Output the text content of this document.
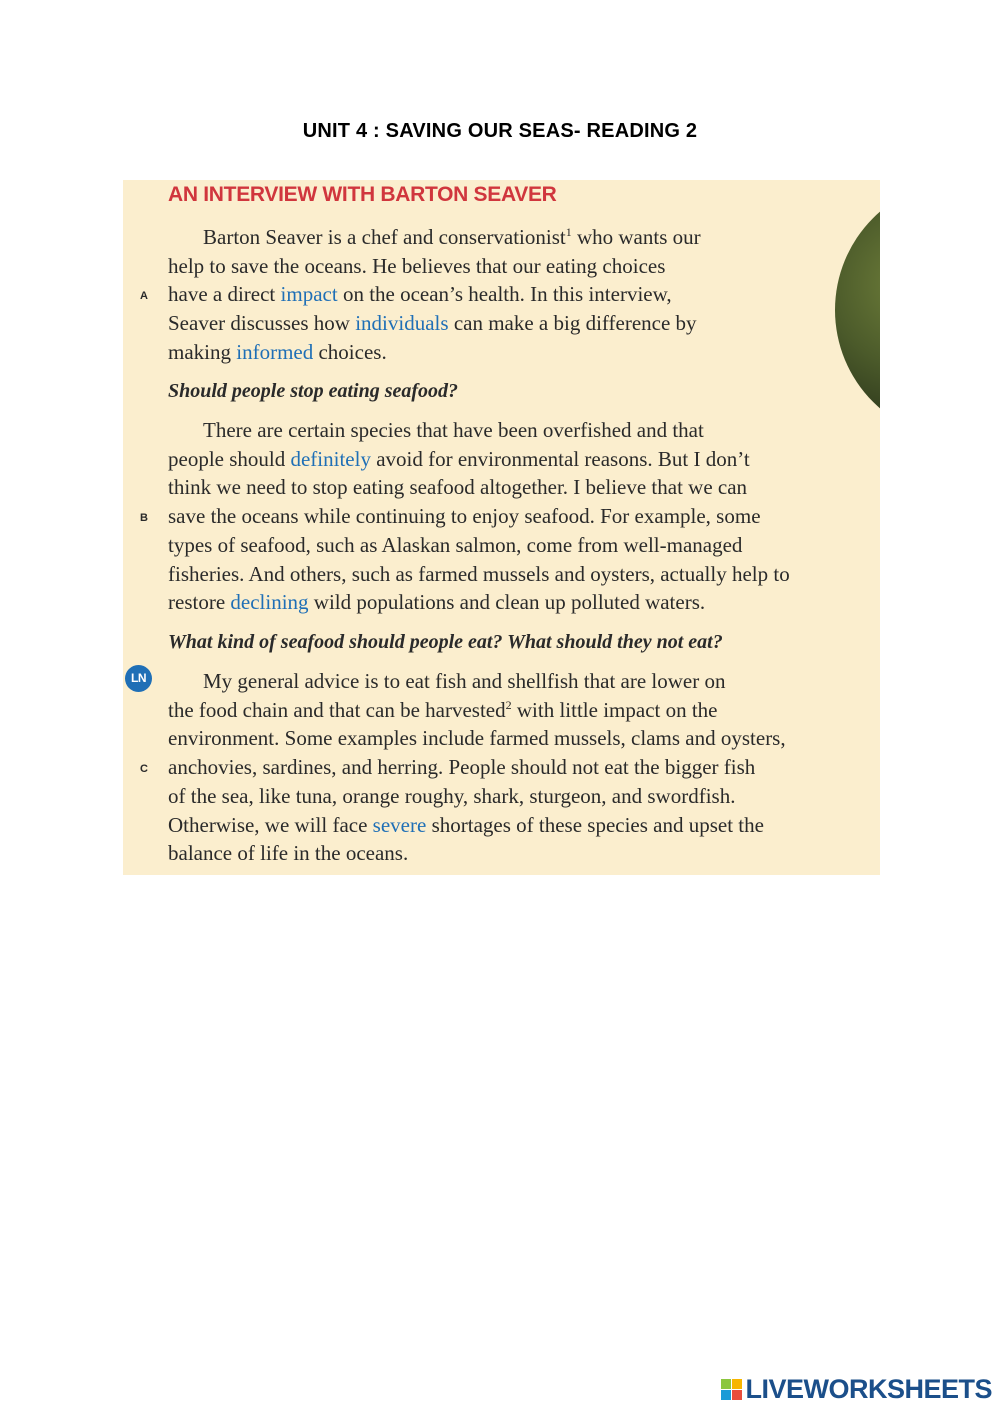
UNIT 4 : SAVING OUR SEAS- READING 2
AN INTERVIEW WITH BARTON SEAVER
Barton Seaver is a chef and conservationist$^1$ who wants our
help to save the oceans. He believes that our eating choices
have a direct impact on the ocean’s health. In this interview,
Seaver discusses how individuals can make a big difference by
making informed choices.
A
Should people stop eating seafood?
There are certain species that have been overfished and that
people should definitely avoid for environmental reasons. But I don’t
think we need to stop eating seafood altogether. I believe that we can
save the oceans while continuing to enjoy seafood. For example, some
types of seafood, such as Alaskan salmon, come from well-managed
fisheries. And others, such as farmed mussels and oysters, actually help to
restore declining wild populations and clean up polluted waters.
B
What kind of seafood should people eat? What should they not eat?
LN	My general advice is to eat fish and shellfish that are lower on
the food chain and that can be harvested$^2$ with little impact on the
environment. Some examples include farmed mussels, clams and oysters,
anchovies, sardines, and herring. People should not eat the bigger fish
of the sea, like tuna, orange roughy, shark, sturgeon, and swordfish.
Otherwise, we will face severe shortages of these species and upset the
balance of life in the oceans.
C
LIVEWORKSHEETS
